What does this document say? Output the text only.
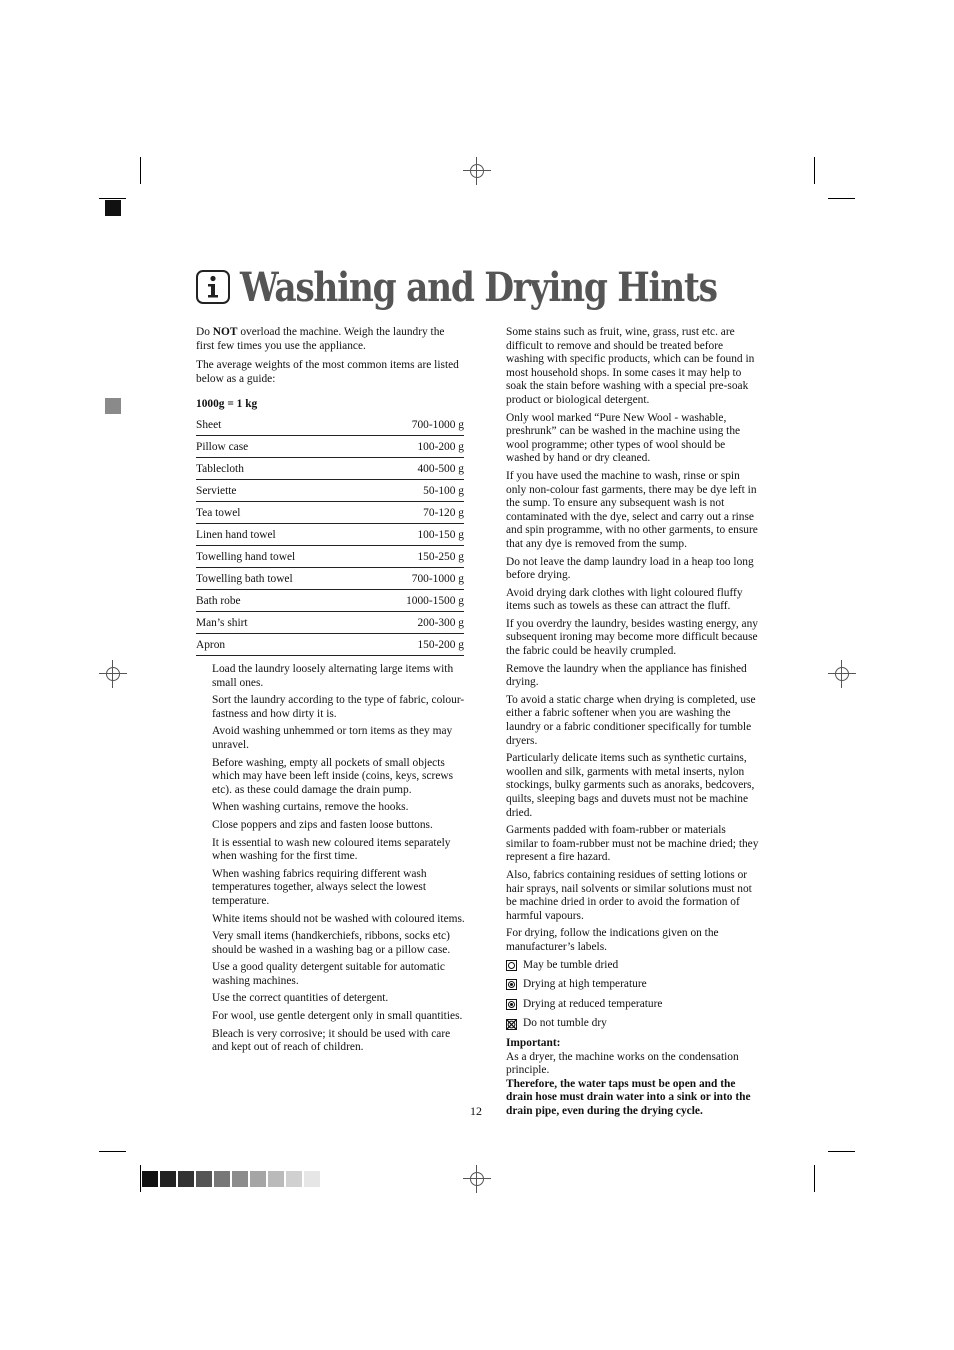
Washing and Drying Hints

Do NOT overload the machine. Weigh the laundry the first few times you use the appliance.

The average weights of the most common items are listed below as a guide:

1000g = 1 kg

Sheet	700-1000 g
Pillow case	100-200 g
Tablecloth	400-500 g
Serviette	50-100 g
Tea towel	70-120 g
Linen hand towel	100-150 g
Towelling hand towel	150-250 g
Towelling bath towel	700-1000 g
Bath robe	1000-1500 g
Man’s shirt	200-300 g
Apron	150-200 g

Load the laundry loosely alternating large items with small ones.

Sort the laundry according to the type of fabric, colour-fastness and how dirty it is.

Avoid washing unhemmed or torn items as they may unravel.

Before washing, empty all pockets of small objects which may have been left inside (coins, keys, screws etc). as these could damage the drain pump.

When washing curtains, remove the hooks.

Close poppers and zips and fasten loose buttons.

It is essential to wash new coloured items separately when washing for the first time.

When washing fabrics requiring different wash temperatures together, always select the lowest temperature.

White items should not be washed with coloured items.

Very small items (handkerchiefs, ribbons, socks etc) should be washed in a washing bag or a pillow case.

Use a good quality detergent suitable for automatic washing machines.

Use the correct quantities of detergent.

For wool, use gentle detergent only in small quantities.

Bleach is very corrosive; it should be used with care and kept out of reach of children.

Some stains such as fruit, wine, grass, rust etc. are difficult to remove and should be treated before washing with specific products, which can be found in most household shops. In some cases it may help to soak the stain before washing with a special pre-soak product or biological detergent.

Only wool marked “Pure New Wool - washable, preshrunk” can be washed in the machine using the wool programme; other types of wool should be washed by hand or dry cleaned.

If you have used the machine to wash, rinse or spin only non-colour fast garments, there may be dye left in the sump. To ensure any subsequent wash is not contaminated with the dye, select and carry out a rinse and spin programme, with no other garments, to ensure that any dye is removed from the sump.

Do not leave the damp laundry load in a heap too long before drying.

Avoid drying dark clothes with light coloured fluffy items such as towels as these can attract the fluff.

If you overdry the laundry, besides wasting energy, any subsequent ironing may become more difficult because the fabric could be heavily crumpled.

Remove the laundry when the appliance has finished drying.

To avoid a static charge when drying is completed, use either a fabric softener when you are washing the laundry or a fabric conditioner specifically for tumble dryers.

Particularly delicate items such as synthetic curtains, woollen and silk, garments with metal inserts, nylon stockings, bulky garments such as anoraks, bedcovers, quilts, sleeping bags and duvets must not be machine dried.

Garments padded with foam-rubber or materials similar to foam-rubber must not be machine dried; they represent a fire hazard.

Also, fabrics containing residues of setting lotions or hair sprays, nail solvents or similar solutions must not be machine dried in order to avoid the formation of harmful vapours.

For drying, follow the indications given on the manufacturer’s labels.

May be tumble dried
Drying at high temperature
Drying at reduced temperature
Do not tumble dry

Important:

As a dryer, the machine works on the condensation principle.

Therefore, the water taps must be open and the drain hose must drain water into a sink or into the drain pipe, even during the drying cycle.

12
